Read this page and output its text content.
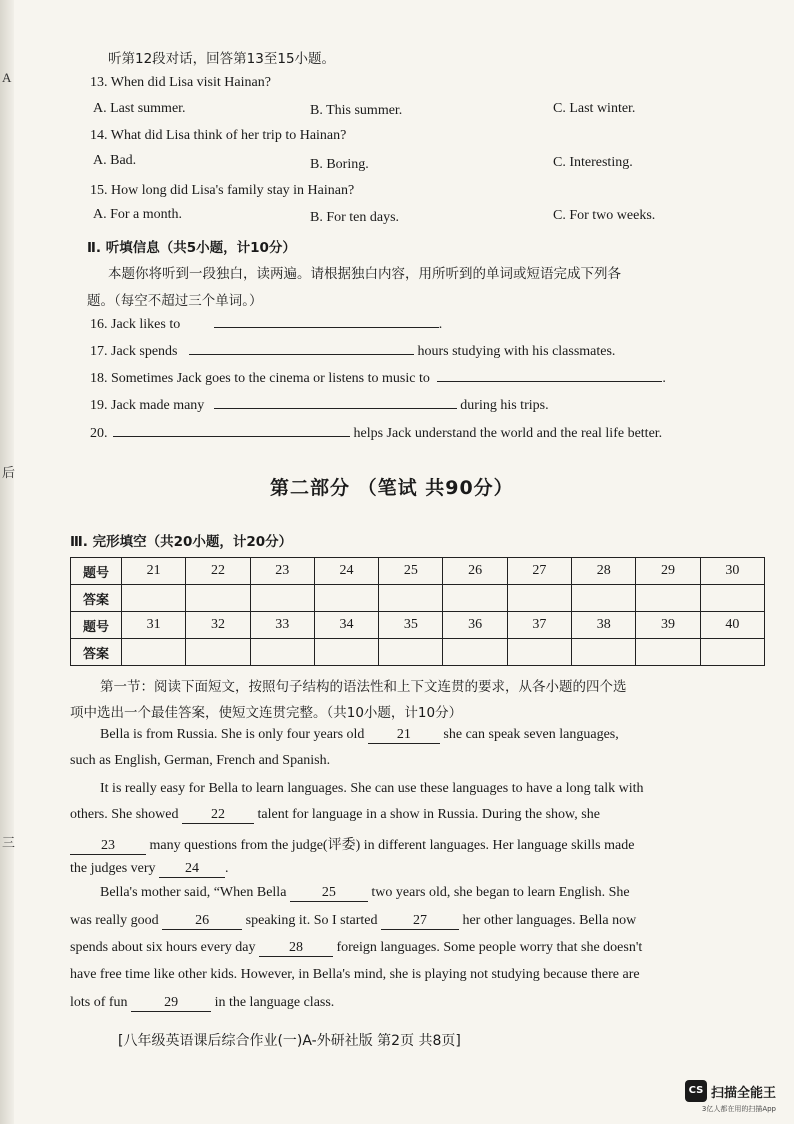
A
后
三
听第12段对话，回答第13至15小题。
13. When did Lisa visit Hainan?
A. Last summer.	B. This summer.	C. Last winter.
14. What did Lisa think of her trip to Hainan?
A. Bad.	B. Boring.	C. Interesting.
15. How long did Lisa's family stay in Hainan?
A. For a month.	B. For ten days.	C. For two weeks.
Ⅱ. 听填信息（共5小题，计10分）
本题你将听到一段独白，读两遍。请根据独白内容，用所听到的单词或短语完成下列各
题。（每空不超过三个单词。）
16. Jack likes to	.
17. Jack spends	hours studying with his classmates.
18. Sometimes Jack goes to the cinema or listens to music to	.
19. Jack made many	during his trips.
20.	helps Jack understand the world and the real life better.
第二部分 （笔试 共90分）
Ⅲ. 完形填空（共20小题，计20分）
题号	21	22	23	24	25	26	27	28	29	30
答案										
题号	31	32	33	34	35	36	37	38	39	40
答案										
第一节：阅读下面短文，按照句子结构的语法性和上下文连贯的要求，从各小题的四个选
项中选出一个最佳答案，使短文连贯完整。（共10小题，计10分）
Bella is from Russia. She is only four years old 21 she can speak seven languages,
such as English, German, French and Spanish.
It is really easy for Bella to learn languages. She can use these languages to have a long talk with
others. She showed 22 talent for language in a show in Russia. During the show, she
23 many questions from the judge(评委) in different languages. Her language skills made
the judges very 24 .
Bella's mother said, “When Bella	25	two years old, she began to learn English. She
was really good	26	speaking it. So I started	27	her other languages. Bella now
spends about six hours every day 28 foreign languages. Some people worry that she doesn't
have free time like other kids. However, in Bella's mind, she is playing not studying because there are
lots of fun	29	in the language class.
[八年级英语课后综合作业(一)A-外研社版 第2页 共8页]
CS 扫描全能王
3亿人都在用的扫描App
